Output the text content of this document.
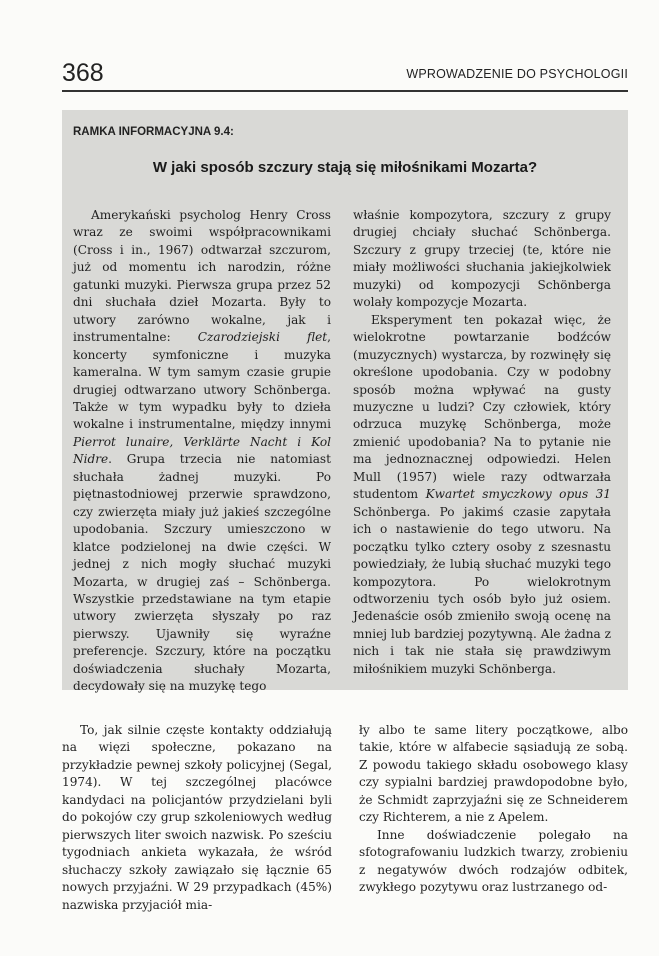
368	WPROWADZENIE DO PSYCHOLOGII
RAMKA INFORMACYJNA 9.4:
W jaki sposób szczury stają się miłośnikami Mozarta?

Amerykański psycholog Henry Cross wraz ze swoimi współpracownikami (Cross i in., 1967) odtwarzał szczurom, już od momentu ich narodzin, różne gatunki muzyki. Pierwsza grupa przez 52 dni słuchała dzieł Mozarta. Były to utwory zarówno wokalne, jak i instrumentalne: Czarodziejski flet, koncerty symfoniczne i muzyka kameralna. W tym samym czasie grupie drugiej odtwarzano utwory Schönberga. Także w tym wypadku były to dzieła wokalne i instrumentalne, między innymi Pierrot lunaire, Verklärte Nacht i Kol Nidre. Grupa trzecia nie natomiast słuchała żadnej muzyki. Po piętnastodniowej przerwie sprawdzono, czy zwierzęta miały już jakieś szczególne upodobania. Szczury umieszczono w klatce podzielonej na dwie części. W jednej z nich mogły słuchać muzyki Mozarta, w drugiej zaś – Schönberga. Wszystkie przedstawiane na tym etapie utwory zwierzęta słyszały po raz pierwszy. Ujawniły się wyraźne preferencje. Szczury, które na początku doświadczenia słuchały Mozarta, decydowały się na muzykę tego

właśnie kompozytora, szczury z grupy drugiej chciały słuchać Schönberga. Szczury z grupy trzeciej (te, które nie miały możliwości słuchania jakiejkolwiek muzyki) od kompozycji Schönberga wolały kompozycje Mozarta.

Eksperyment ten pokazał więc, że wielokrotne powtarzanie bodźców (muzycznych) wystarcza, by rozwinęły się określone upodobania. Czy w podobny sposób można wpływać na gusty muzyczne u ludzi? Czy człowiek, który odrzuca muzykę Schönberga, może zmienić upodobania? Na to pytanie nie ma jednoznacznej odpowiedzi. Helen Mull (1957) wiele razy odtwarzała studentom Kwartet smyczkowy opus 31 Schönberga. Po jakimś czasie zapytała ich o nastawienie do tego utworu. Na początku tylko cztery osoby z szesnastu powiedziały, że lubią słuchać muzyki tego kompozytora. Po wielokrotnym odtworzeniu tych osób było już osiem. Jedenaście osób zmieniło swoją ocenę na mniej lub bardziej pozytywną. Ale żadna z nich i tak nie stała się prawdziwym miłośnikiem muzyki Schönberga.

To, jak silnie częste kontakty oddziałują na więzi społeczne, pokazano na przykładzie pewnej szkoły policyjnej (Segal, 1974). W tej szczególnej placówce kandydaci na policjantów przydzielani byli do pokojów czy grup szkoleniowych według pierwszych liter swoich nazwisk. Po sześciu tygodniach ankieta wykazała, że wśród słuchaczy szkoły zawiązało się łącznie 65 nowych przyjaźni. W 29 przypadkach (45%) nazwiska przyjaciół mia-

ły albo te same litery początkowe, albo takie, które w alfabecie sąsiadują ze sobą. Z powodu takiego składu osobowego klasy czy sypialni bardziej prawdopodobne było, że Schmidt zaprzyjaźni się ze Schneiderem czy Richterem, a nie z Apelem.

Inne doświadczenie polegało na sfotografowaniu ludzkich twarzy, zrobieniu z negatywów dwóch rodzajów odbitek, zwykłego pozytywu oraz lustrzanego od-
